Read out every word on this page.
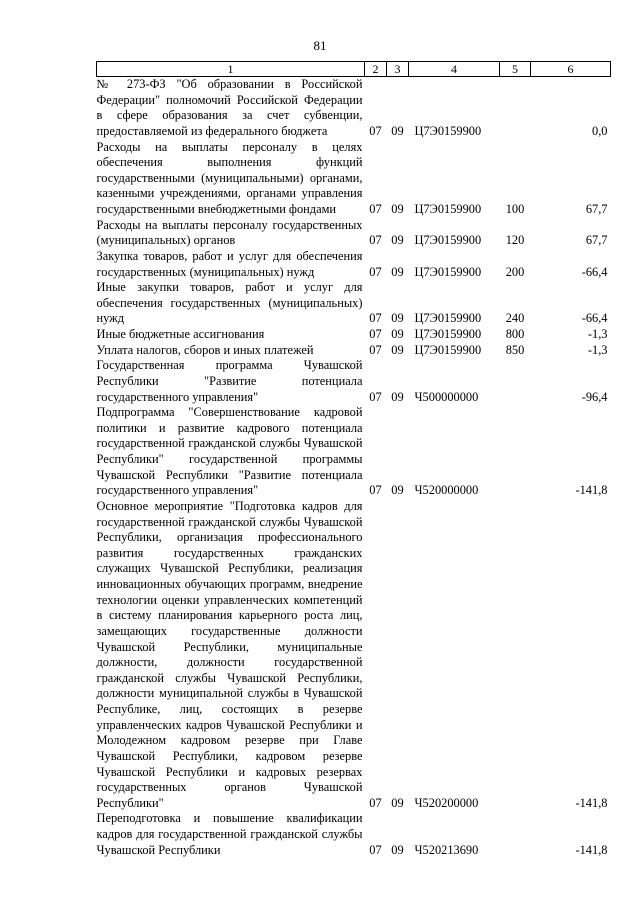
81
1	2	3	4	5	6
№ 273-ФЗ "Об образовании в Российской Федерации" полномочий Российской Федерации в сфере образования за счет субвенции, предоставляемой из федерального бюджета	07	09	Ц7Э0159900		0,0
Расходы на выплаты персоналу в целях обеспечения выполнения функций государственными (муниципальными) органами, казенными учреждениями, органами управления государственными внебюджетными фондами	07	09	Ц7Э0159900	100	67,7
Расходы на выплаты персоналу государственных (муниципальных) органов	07	09	Ц7Э0159900	120	67,7
Закупка товаров, работ и услуг для обеспечения государственных (муниципальных) нужд	07	09	Ц7Э0159900	200	-66,4
Иные закупки товаров, работ и услуг для обеспечения государственных (муниципальных) нужд	07	09	Ц7Э0159900	240	-66,4
Иные бюджетные ассигнования	07	09	Ц7Э0159900	800	-1,3
Уплата налогов, сборов и иных платежей	07	09	Ц7Э0159900	850	-1,3
Государственная программа Чувашской Республики "Развитие потенциала государственного управления"	07	09	Ч500000000		-96,4
Подпрограмма "Совершенствование кадровой политики и развитие кадрового потенциала государственной гражданской службы Чувашской Республики" государственной программы Чувашской Республики "Развитие потенциала государственного управления"	07	09	Ч520000000		-141,8
Основное мероприятие "Подготовка кадров для государственной гражданской службы Чувашской Республики, организация профессионального развития государственных гражданских служащих Чувашской Республики, реализация инновационных обучающих программ, внедрение технологии оценки управленческих компетенций в систему планирования карьерного роста лиц, замещающих государственные должности Чувашской Республики, муниципальные должности, должности государственной гражданской службы Чувашской Республики, должности муниципальной службы в Чувашской Республике, лиц, состоящих в резерве управленческих кадров Чувашской Республики и Молодежном кадровом резерве при Главе Чувашской Республики, кадровом резерве Чувашской Республики и кадровых резервах государственных органов Чувашской Республики"	07	09	Ч520200000		-141,8
Переподготовка и повышение квалификации кадров для государственной гражданской службы Чувашской Республики	07	09	Ч520213690		-141,8
